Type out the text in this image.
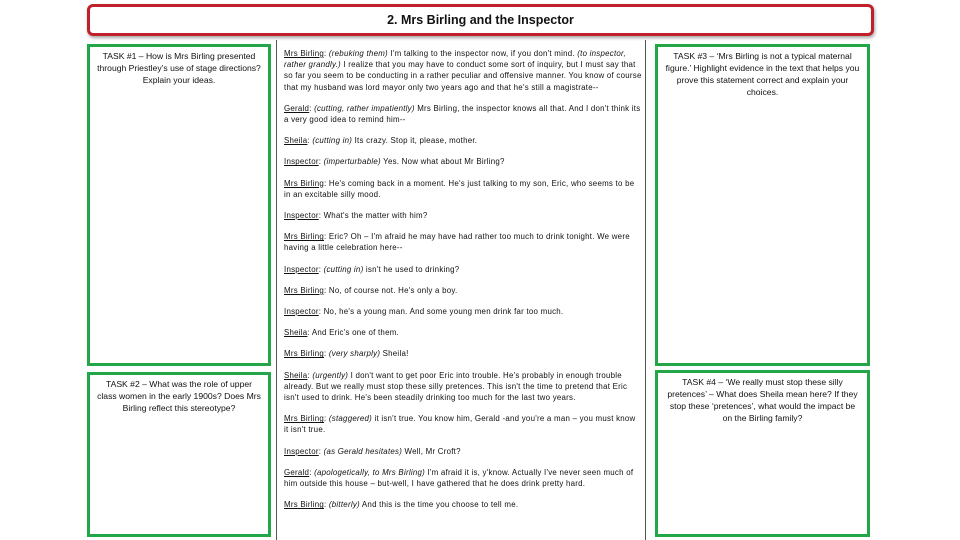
2. Mrs Birling and the Inspector
TASK #1 – How is Mrs Birling presented through Priestley’s use of stage directions? Explain your ideas.
TASK #2 – What was the role of upper class women in the early 1900s? Does Mrs Birling reflect this stereotype?
TASK #3 – ‘Mrs Birling is not a typical maternal figure.’ Highlight evidence in the text that helps you prove this statement correct and explain your choices.
TASK #4 – ‘We really must stop these silly pretences’ – What does Sheila mean here? If they stop these ‘pretences’, what would the impact be on the Birling family?

Mrs Birling: (rebuking them) I'm talking to the inspector now, if you don't mind. (to inspector, rather grandly.) I realize that you may have to conduct some sort of inquiry, but I must say that so far you seem to be conducting in a rather peculiar and offensive manner. You know of course that my husband was lord mayor only two years ago and that he's still a magistrate--

Gerald: (cutting, rather impatiently) Mrs Birling, the inspector knows all that. And I don't think its a very good idea to remind him--

Sheila: (cutting in) Its crazy. Stop it, please, mother.

Inspector: (imperturbable) Yes. Now what about Mr Birling?

Mrs Birling: He's coming back in a moment. He's just talking to my son, Eric, who seems to be in an excitable silly mood.

Inspector: What's the matter with him?

Mrs Birling: Eric? Oh – I'm afraid he may have had rather too much to drink tonight. We were having a little celebration here--

Inspector: (cutting in) isn't he used to drinking?

Mrs Birling: No, of course not. He's only a boy.

Inspector: No, he's a young man. And some young men drink far too much.

Sheila: And Eric's one of them.

Mrs Birling: (very sharply) Sheila!

Sheila: (urgently) I don't want to get poor Eric into trouble. He's probably in enough trouble already. But we really must stop these silly pretences. This isn't the time to pretend that Eric isn't used to drink. He's been steadily drinking too much for the last two years.

Mrs Birling: (staggered) it isn't true. You know him, Gerald -and you're a man – you must know it isn't true.

Inspector: (as Gerald hesitates) Well, Mr Croft?

Gerald: (apologetically, to Mrs Birling) I'm afraid it is, y'know. Actually I've never seen much of him outside this house – but-well, I have gathered that he does drink pretty hard.

Mrs Birling: (bitterly) And this is the time you choose to tell me.
